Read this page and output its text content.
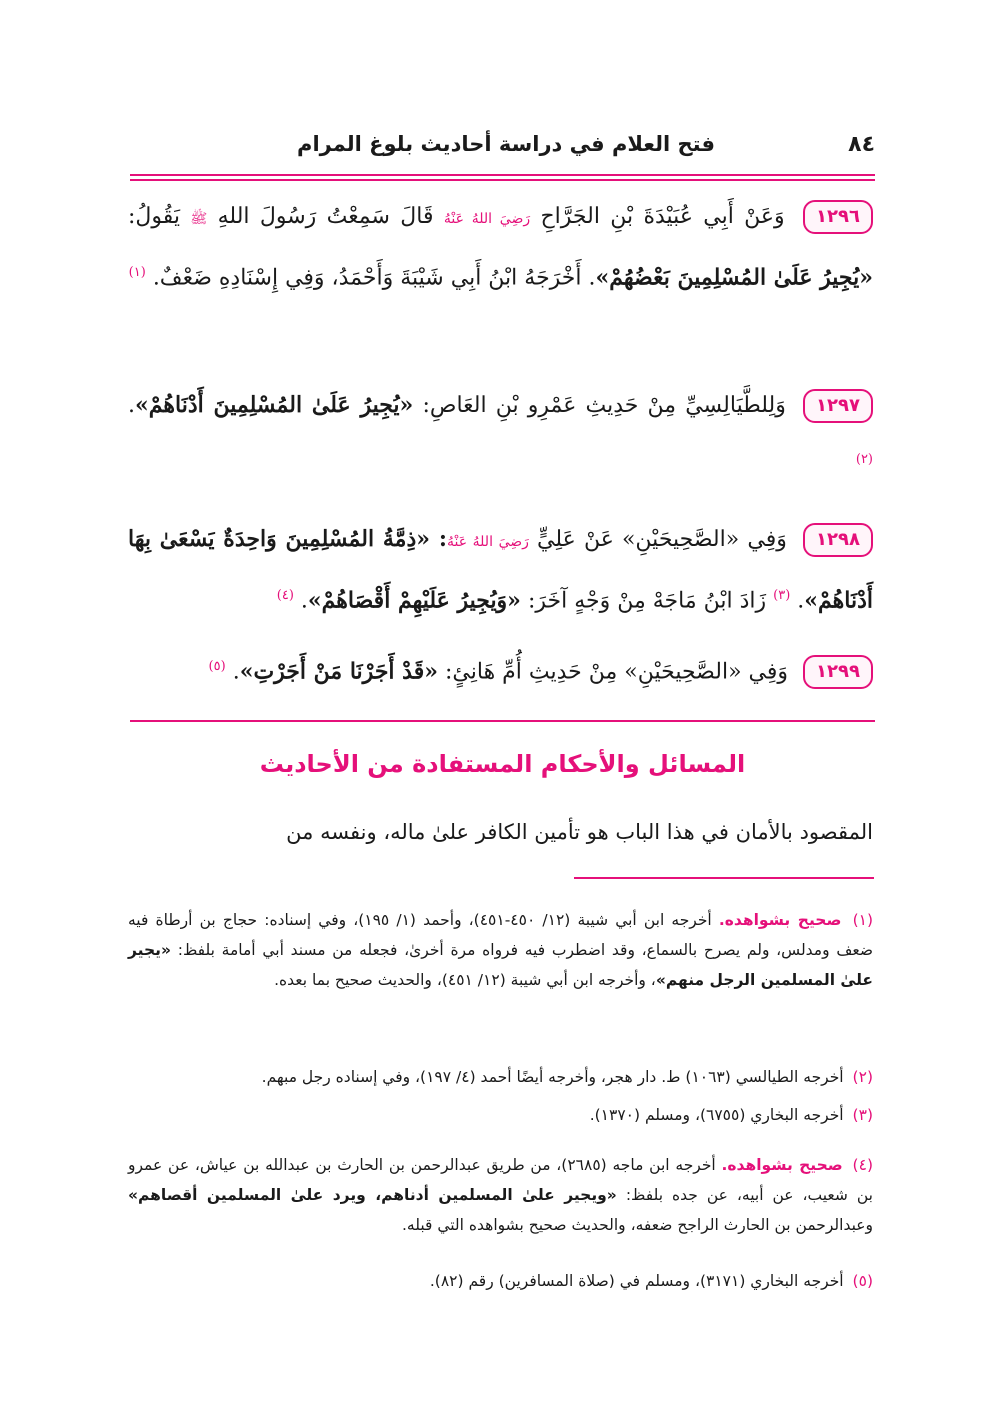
٨٤
فتح العلام في دراسة أحاديث بلوغ المرام
١٢٩٦ وَعَنْ أَبِي عُبَيْدَةَ بْنِ الجَرَّاحِ رَضِيَ اللهُ عَنْهُ قَالَ سَمِعْتُ رَسُولَ اللهِ ﷺ يَقُولُ: «يُجِيرُ عَلَىٰ المُسْلِمِينَ بَعْضُهُمْ». أَخْرَجَهُ ابْنُ أَبِي شَيْبَةَ وَأَحْمَدُ، وَفِي إِسْنَادِهِ ضَعْفٌ. $^{(١)}$
١٢٩٧ وَلِلطَّيَالِسِيِّ مِنْ حَدِيثِ عَمْرِو بْنِ العَاصِ: «يُجِيرُ عَلَىٰ المُسْلِمِينَ أَدْنَاهُمْ». $^{(٢)}$
١٢٩٨ وَفِي «الصَّحِيحَيْنِ» عَنْ عَلِيٍّ رَضِيَ اللهُ عَنْهُ: «ذِمَّةُ المُسْلِمِينَ وَاحِدَةٌ يَسْعَىٰ بِهَا أَدْنَاهُمْ». $^{(٣)}$ زَادَ ابْنُ مَاجَهْ مِنْ وَجْهٍ آخَرَ: «وَيُجِيرُ عَلَيْهِمْ أَقْصَاهُمْ». $^{(٤)}$
١٢٩٩ وَفِي «الصَّحِيحَيْنِ» مِنْ حَدِيثِ أُمِّ هَانِئٍ: «قَدْ أَجَرْنَا مَنْ أَجَرْتِ». $^{(٥)}$
المسائل والأحكام المستفادة من الأحاديث
المقصود بالأمان في هذا الباب هو تأمين الكافر علىٰ ماله، ونفسه من
(١) صحيح بشواهده. أخرجه ابن أبي شيبة (١٢/ ٤٥٠-٤٥١)، وأحمد (١/ ١٩٥)، وفي إسناده: حجاج بن أرطاة فيه ضعف ومدلس، ولم يصرح بالسماع، وقد اضطرب فيه فرواه مرة أخرىٰ، فجعله من مسند أبي أمامة بلفظ: «يجير علىٰ المسلمين الرجل منهم»، وأخرجه ابن أبي شيبة (١٢/ ٤٥١)، والحديث صحيح بما بعده.
(٢) أخرجه الطيالسي (١٠٦٣) ط. دار هجر، وأخرجه أيضًا أحمد (٤/ ١٩٧)، وفي إسناده رجل مبهم.
(٣) أخرجه البخاري (٦٧٥٥)، ومسلم (١٣٧٠).
(٤) صحيح بشواهده. أخرجه ابن ماجه (٢٦٨٥)، من طريق عبدالرحمن بن الحارث بن عبدالله بن عياش، عن عمرو بن شعيب، عن أبيه، عن جده بلفظ: «ويجير علىٰ المسلمين أدناهم، ويرد علىٰ المسلمين أقصاهم» وعبدالرحمن بن الحارث الراجح ضعفه، والحديث صحيح بشواهده التي قبله.
(٥) أخرجه البخاري (٣١٧١)، ومسلم في (صلاة المسافرين) رقم (٨٢).
